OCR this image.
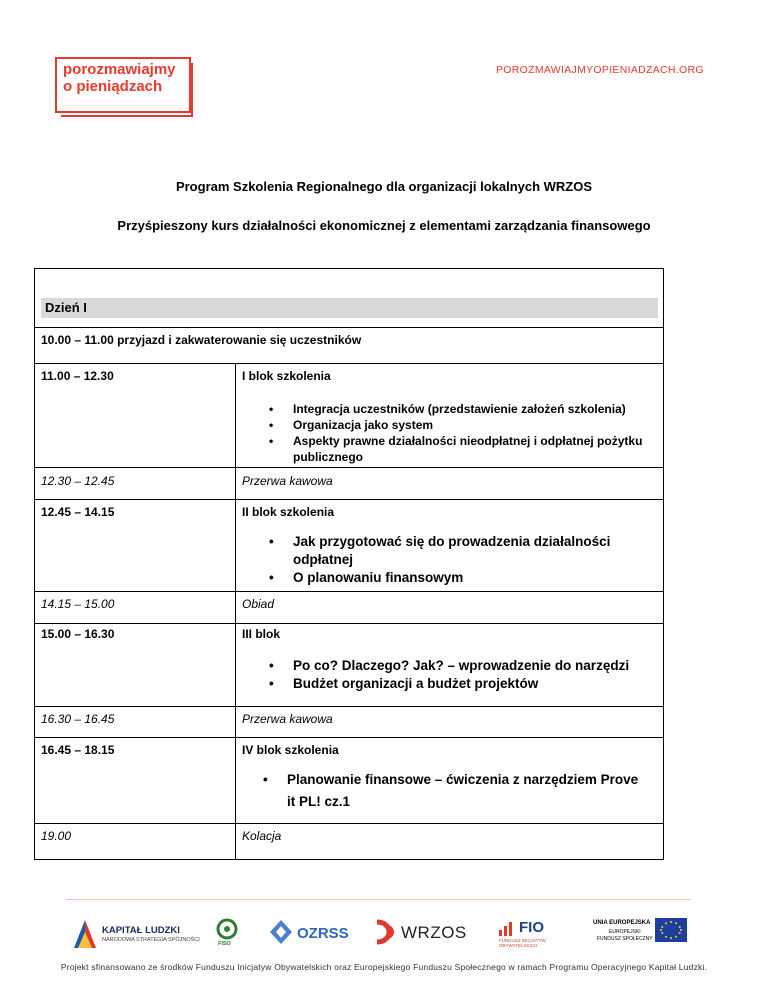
porozmawiajmy
o pieniądzach
POROZMAWIAJMYOPIENIADZACH.ORG
Program Szkolenia Regionalnego dla organizacji lokalnych WRZOS
Przyśpieszony kurs działalności ekonomicznej z elementami zarządzania finansowego
Dzień I
10.00 – 11.00 przyjazd i zakwaterowanie się uczestników
11.00 – 12.30	I blok szkolenia
• Integracja uczestników (przedstawienie założeń szkolenia)
• Organizacja jako system
• Aspekty prawne działalności nieodpłatnej i odpłatnej pożytku publicznego
12.30 – 12.45	Przerwa kawowa
12.45 – 14.15	II blok szkolenia
• Jak przygotować się do prowadzenia działalności odpłatnej
• O planowaniu finansowym
14.15 – 15.00	Obiad
15.00 – 16.30	III blok
• Po co? Dlaczego? Jak? – wprowadzenie do narzędzi
• Budżet organizacji a budżet projektów
16.30 – 16.45	Przerwa kawowa
16.45 – 18.15	IV blok szkolenia
• Planowanie finansowe – ćwiczenia z narzędziem Prove it PL! cz.1
19.00	Kolacja
KAPITAŁ LUDZKI
NARODOWA STRATEGIA SPÓJNOŚCI
FISO
OZRSS	WRZOS	FIO
FUNDUSZ INICJATYW OBYWATELSKICH
UNIA EUROPEJSKA
EUROPEJSKI
FUNDUSZ SPOŁECZNY
Projekt sfinansowano ze środków Funduszu Inicjatyw Obywatelskich oraz Europejskiego Funduszu Społecznego w ramach Programu Operacyjnego Kapitał Ludzki.
